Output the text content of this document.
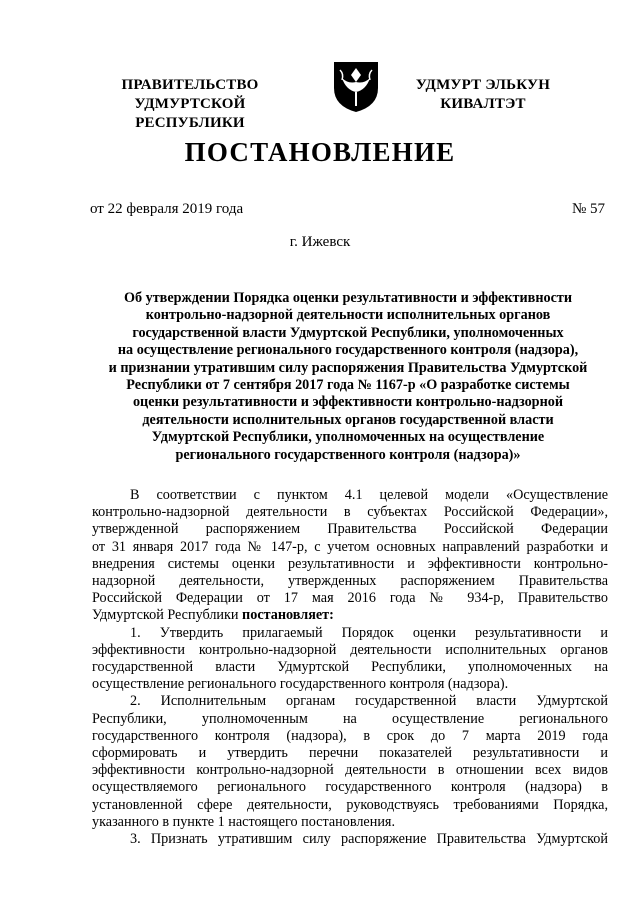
ПРАВИТЕЛЬСТВО
УДМУРТСКОЙ РЕСПУБЛИКИ
УДМУРТ ЭЛЬКУН
КИВАЛТЭТ
ПОСТАНОВЛЕНИЕ
от 22 февраля 2019 года	№ 57
г. Ижевск
Об утверждении Порядка оценки результативности и эффективности
контрольно-надзорной деятельности исполнительных органов
государственной власти Удмуртской Республики, уполномоченных
на осуществление регионального государственного контроля (надзора),
и признании утратившим силу распоряжения Правительства Удмуртской
Республики от 7 сентября 2017 года № 1167-р «О разработке системы
оценки результативности и эффективности контрольно-надзорной
деятельности исполнительных органов государственной власти
Удмуртской Республики, уполномоченных на осуществление
регионального государственного контроля (надзора)»
В соответствии с пунктом 4.1 целевой модели «Осуществление
контрольно-надзорной деятельности в субъектах Российской Федерации»,
утвержденной распоряжением Правительства Российской Федерации
от 31 января 2017 года № 147-р, с учетом основных направлений разработки и
внедрения системы оценки результативности и эффективности контрольно-
надзорной деятельности, утвержденных распоряжением Правительства
Российской Федерации от 17 мая 2016 года № 934-р, Правительство
Удмуртской Республики постановляет:
1. Утвердить прилагаемый Порядок оценки результативности и
эффективности контрольно-надзорной деятельности исполнительных органов
государственной власти Удмуртской Республики, уполномоченных на
осуществление регионального государственного контроля (надзора).
2. Исполнительным органам государственной власти Удмуртской
Республики, уполномоченным на осуществление регионального
государственного контроля (надзора), в срок до 7 марта 2019 года
сформировать и утвердить перечни показателей результативности и
эффективности контрольно-надзорной деятельности в отношении всех видов
осуществляемого регионального государственного контроля (надзора) в
установленной сфере деятельности, руководствуясь требованиями Порядка,
указанного в пункте 1 настоящего постановления.
3. Признать утратившим силу распоряжение Правительства Удмуртской
